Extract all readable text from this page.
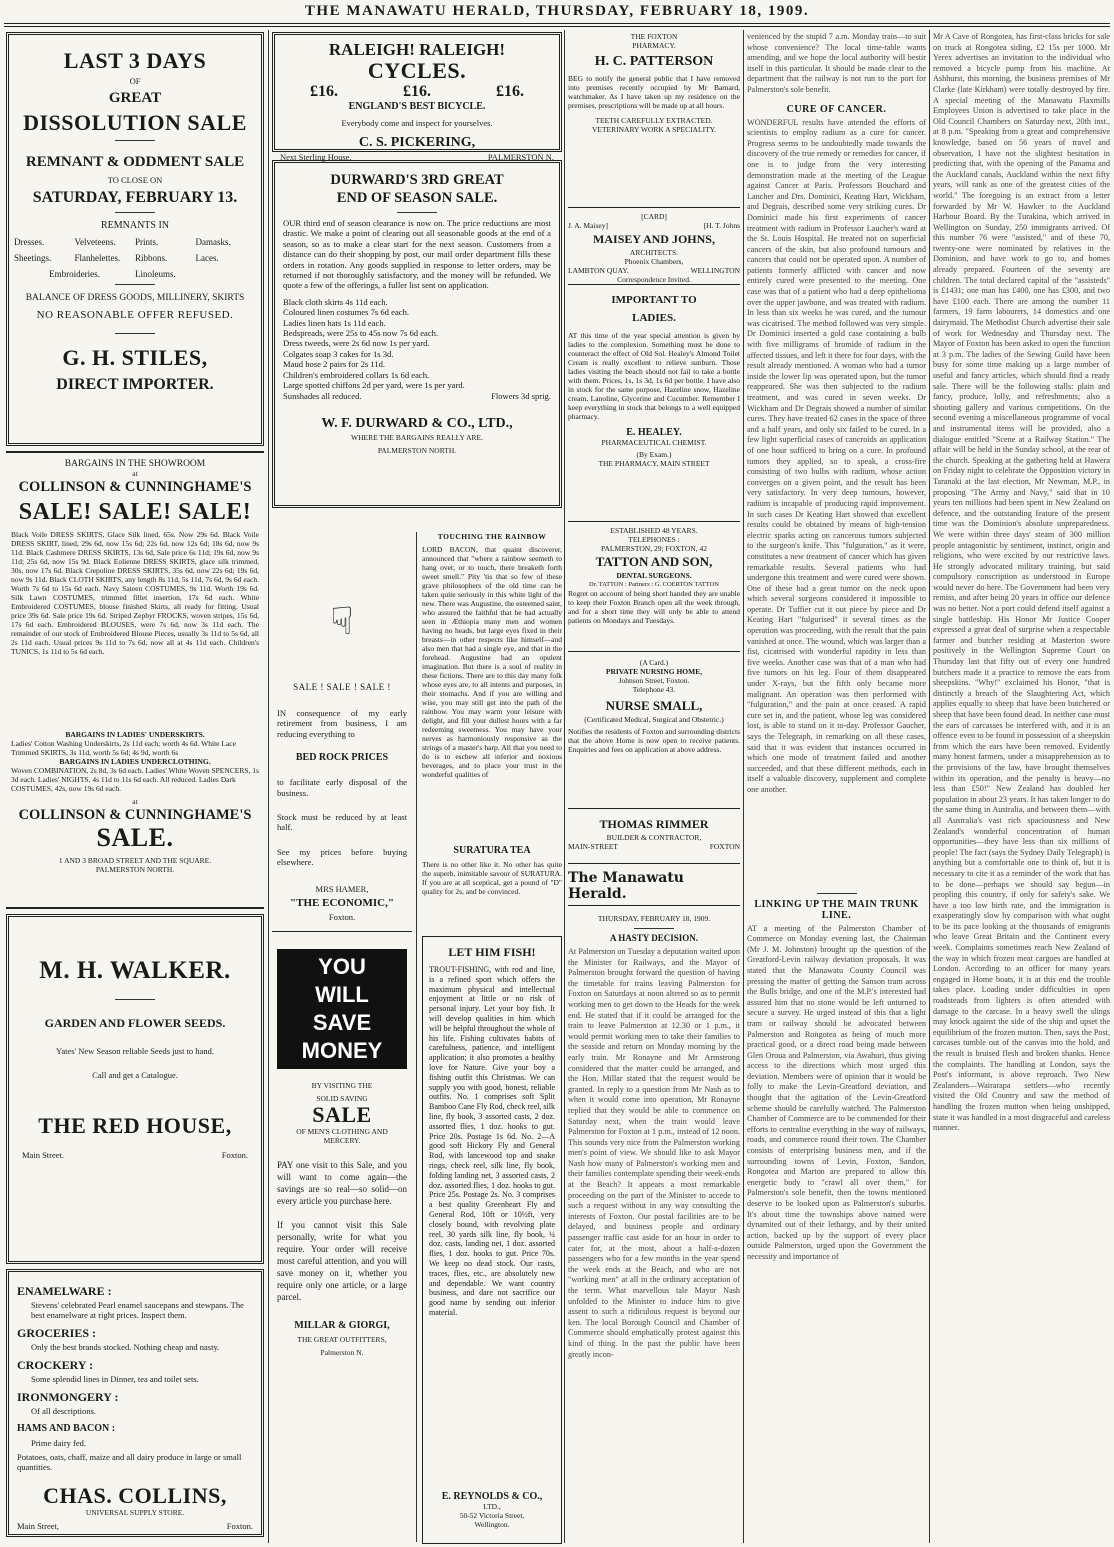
THE MANAWATU HERALD, THURSDAY, FEBRUARY 18, 1909.
LAST 3 DAYS
OF
GREAT
DISSOLUTION SALE
REMNANT & ODDMENT SALE
TO CLOSE ON
SATURDAY, FEBRUARY 13.
REMNANTS IN
Dresses.	Velveteens.	Prints.	Damasks.
Sheetings.	Flanhelettes.	Ribbons.	Laces.
Embroideries.	Linoleums.
BALANCE OF DRESS GOODS, MILLINERY, SKIRTS
NO REASONABLE OFFER REFUSED.
G. H. STILES,
DIRECT IMPORTER.
BARGAINS IN THE SHOWROOM
at
COLLINSON & CUNNINGHAME'S
SALE! SALE! SALE!
Black Voile DRESS SKIRTS, Glace Silk lined, 65s. Now 29s 6d. Black Voile DRESS SKIRT, lined, 29s 6d, now 15s 6d; 22s 6d, now 12s 6d; 18s 6d, now 9s 11d. Black Cashmere DRESS SKIRTS, 13s 6d, Sale price 6s 11d; 19s 6d, now 9s 11d; 25s 6d, now 15s 9d. Black Eolienne DRESS SKIRTS, glace silk trimmed, 30s, now 17s 6d. Black Crepoline DRESS SKIRTS, 35s 6d, now 22s 6d; 19s 6d, now 9s 11d. Black CLOTH SKIRTS, any length 8s 11d, 5s 11d, 7s 6d, 9s 6d each. Worth 7s 6d to 15s 6d each. Navy Sateen COSTUMES, 9s 11d. Worth 19s 6d. Silk Lawn COSTUMES, trimmed fillet insertion, 17s 6d each. White Embroidered COSTUMES, blouse finished Skirts, all ready for fitting. Usual price 39s 6d. Sale price 19s 6d. Striped Zephyr FROCKS, woven stripes, 15s 6d, 17s 6d each. Embroidered BLOUSES, were 7s 6d, now 3s 11d each. The remainder of our stock of Embroidered Blouse Pieces, usually 3s 11d to 5s 6d, all 2s 11d each. Usual prices 9s 11d to 7s 6d, now all at 4s 11d each. Children's TUNICS, 1s 11d to 5s 6d each.
BARGAINS IN LADIES' UNDERSKIRTS.
Ladies' Cotton Washing Underskirts, 2s 11d each; worth 4s 6d. White Lace Trimmed SKIRTS, 3s 11d, worth 5s 6d; 4s 9d, worth 6s
BARGAINS IN LADIES UNDERCLOTHING.
Woven COMBINATION, 2s 8d, 3s 6d each. Ladies' White Woven SPENCERS, 1s 3d each. Ladies' NIGHTS, 4s 11d to 11s 6d each. All reduced. Ladies Dark COSTUMES, 42s, now 19s 6d each.
at
COLLINSON & CUNNINGHAME'S
SALE.
1 AND 3 BROAD STREET AND THE SQUARE.
PALMERSTON NORTH.
M. H. WALKER.
GARDEN AND FLOWER SEEDS.
Yates' New Season reliable Seeds just to hand.
Call and get a Catalogue.
THE RED HOUSE,
Main Street.	Foxton.
ENAMELWARE :
Stevens' celebrated Pearl enamel saucepans and stewpans. The best enamelware at right prices. Inspect them.
GROCERIES :
Only the best brands stocked. Nothing cheap and nasty.
CROCKERY :
Some splendid lines in Dinner, tea and toilet sets.
IRONMONGERY :
Of all descriptions.
HAMS AND BACON :
Prime dairy fed.
Potatoes, oats, chaff, maize and all dairy produce in large or small quantities.
CHAS. COLLINS,
UNIVERSAL SUPPLY STORE.
Main Street,	Foxton.
RALEIGH! RALEIGH!
CYCLES.
£16.	£16.	£16.
ENGLAND'S BEST BICYCLE.
Everybody come and inspect for yourselves.
C. S. PICKERING,
Next Sterling House,	PALMERSTON N.
DURWARD'S 3RD GREAT
END OF SEASON SALE.
OUR third end of season clearance is now on. The price reductions are most drastic. We make a point of clearing out all seasonable goods at the end of a season, so as to make a clear start for the next season. Customers from a distance can do their shopping by post, our mail order department fills these orders in rotation. Any goods supplied in response to letter orders, may be returned if not thoroughly satisfactory, and the money will be refunded. We quote a few of the offerings, a fuller list sent on application.
Black cloth skirts 4s 11d each.
Coloured linen costumes 7s 6d each.
Ladies linen hats 1s 11d each.
Bedspreads, were 25s to 45s now 7s 6d each.
Dress tweeds, were 2s 6d now 1s per yard.
Colgates soap 3 cakes for 1s 3d.
Maud hose 2 pairs for 2s 11d.
Children's embroidered collars 1s 6d each.
Large spotted chiffons 2d per yard, were 1s per yard.
Sunshades all reduced.	Flowers 3d sprig.
W. F. DURWARD & CO., LTD.,
WHERE THE BARGAINS REALLY ARE.
PALMERSTON NORTH.
☟
SALE ! SALE ! SALE !
IN consequence of my early retirement from business, I am reducing everything to
BED ROCK PRICES
to facilitate early disposal of the business.
Stock must be reduced by at least half.
See my prices before buying elsewhere.
MRS HAMER,
"THE ECONOMIC,"
Foxton.
YOU
WILL
SAVE
MONEY
BY VISITING THE
SOLID SAVING
SALE
OF MEN'S CLOTHING AND
MERCERY.
PAY one visit to this Sale, and you will want to come again—the savings are so real—so solid—on every article you purchase here.
If you cannot visit this Sale personally, write for what you require. Your order will receive most careful attention, and you will save money on it, whether you require only one article, or a large parcel.
MILLAR & GIORGI,
THE GREAT OUTFITTERS,
Palmerston N.
TOUCHING THE RAINBOW
LORD BACON, that quaint discoverer, announced that "where a rainbow seemeth to hang over, or to touch, there breaketh forth sweet smell." Pity 'tis that so few of these grave philosophers of the old time can be taken quite seriously in this white light of the new. There was Augustine, the esteemed saint, who assured the faithful that he had actually seen in Æthiopia many men and women having no heads, but large eyes fixed in their breasts—in other respects like himself—and also men that had a single eye, and that in the forehead. Augustine had an opulent imagination. But there is a soul of reality in these fictions. There are to this day many folk whose eyes are, to all intents and purposes, in their stomachs. And if you are willing and wise, you may still get into the path of the rainbow. You may warm your leisure with delight, and fill your dullest hours with a far redeeming sweetness. You may have your nerves as harmoniously responsive as the strings of a master's harp. All that you need to do is to eschew all inferior and noxious beverages, and to place your trust in the wonderful qualities of
SURATURA TEA
There is no other like it. No other has quite the superb, inimitable savour of SURATURA. If you are at all sceptical, get a pound of "D" quality for 2s, and be convinced.
LET HIM FISH!
TROUT-FISHING, with rod and line, is a refined sport which offers the maximum physical and intellectual enjoyment at little or no risk of personal injury. Let your boy fish. It will develop qualities in him which will be helpful throughout the whole of his life. Fishing cultivates habits of carefulness, patience, and intelligent application; it also promotes a healthy love for Nature. Give your boy a fishing outfit this Christmas. We can supply you with good, honest, reliable outfits. No. 1 comprises soft Split Bamboo Cane Fly Rod, check reel, silk line, fly book, 3 assorted casts, 2 doz. assorted flies, 1 doz. hooks to gut. Price 20s. Postage 1s 6d. No. 2—A good soft Hickory Fly and General Rod, with lancewood top and snake rings, check reel, silk line, fly book, folding landing net, 3 assorted casts, 2 doz. assorted flies, 1 doz. hooks to gut. Price 25s. Postage 2s. No. 3 comprises a best quality Greenheart Fly and General Rod, 10ft or 10½ft, very closely bound, with revolving plate reel, 30 yards silk line, fly book, ¼ doz. casts, landing net, 1 doz. assorted flies, 1 doz. hooks to gut. Price 70s. We keep no dead stock. Our casts, traces, flies, etc., are absolutely new and dependable. We want country business, and dare not sacrifice our good name by sending out inferior material.
E. REYNOLDS & CO.,
LTD.,
50-52 Victoria Street,
Wellington.
THE FOXTON
PHARMACY.
H. C. PATTERSON
BEG to notify the general public that I have removed into premises recently occupied by Mr Barnard, watchmaker. As I have taken up my residence on the premises, prescriptions will be made up at all hours.
TEETH CAREFULLY EXTRACTED.
VETERINARY WORK A SPECIALITY.
[CARD]
J. A. Maisey]	[H. T. Johns
MAISEY AND JOHNS,
ARCHITECTS.
Phoenix Chambers,
LAMBTON QUAY.	WELLINGTON
Correspondence Invited.
IMPORTANT TO
LADIES.
AT this time of the year special attention is given by ladies to the complexion. Something must be done to counteract the effect of Old Sol. Healey's Almond Toilet Cream is really excellent to relieve sunburn. Those ladies visiting the beach should not fail to take a bottle with them. Prices, 1s, 1s 3d, 1s 6d per bottle. I have also in stock for the same purpose, Hazeline snow, Hazeline cream, Lanoline, Glycerine and Cucumber. Remember I keep everything in stock that belongs to a well equipped pharmacy.
E. HEALEY.
PHARMACEUTICAL CHEMIST.
(By Exam.)
THE PHARMACY, MAIN STREET
ESTABLISHED 48 YEARS.
TELEPHONES :
PALMERSTON, 29; FOXTON, 42
TATTON AND SON,
DENTAL SURGEONS.
Dr. TATTON : Partners : G. COERTON TATTON
Regret on account of being short handed they are unable to keep their Foxton Branch open all the week through, and for a short time they will only be able to attend patients on Mondays and Tuesdays.
(A Card.)
PRIVATE NURSING HOME,
Johnson Street, Foxton.
Telephone 43.
NURSE SMALL,
(Certificated Medical, Surgical and Obstetric.)
Notifies the residents of Foxton and surrounding districts that the above Home is now open to receive patients. Enquiries and fees on application at above address.
THOMAS RIMMER
BUILDER & CONTRACTOR,
MAIN-STREET	FOXTON
The Manawatu Herald.
THURSDAY, FEBRUARY 18, 1909.
A HASTY DECISION.
At Palmerston on Tuesday a deputation waited upon the Minister for Railways, and the Mayor of Palmerston brought forward the question of having the timetable for trains leaving Palmerston for Foxton on Saturdays at noon altered so as to permit working men to get down to the Heads for the week end. He stated that if it could be arranged for the train to leave Palmerston at 12.30 or 1 p.m., it would permit working men to take their families to the seaside and return on Monday morning by the early train. Mr Ronayne and Mr Armstrong considered that the matter could be arranged, and the Hon. Millar stated that the request would be granted. In reply to a question from Mr Nash as to when it would come into operation, Mr Ronayne replied that they would be able to commence on Saturday next, when the train would leave Palmerston for Foxton at 1 p.m., instead of 12 noon. This sounds very nice from the Palmerston working men's point of view. We should like to ask Mayor Nash how many of Palmerston's working men and their families contemplate spending their week-ends at the Beach? It appears a most remarkable proceeding on the part of the Minister to accede to such a request without in any way consulting the interests of Foxton. Our postal facilities are to be delayed, and business people and ordinary passenger traffic cast aside for an hour in order to cater for, at the most, about a half-a-dozen passengers who for a few months in the year spend the week ends at the Beach, and who are not "working men" at all in the ordinary acceptation of the term. What marvellous tale Mayor Nash unfolded to the Minister to induce him to give assent to such a ridiculous request is beyond our ken. The local Borough Council and Chamber of Commerce should emphatically protest against this kind of thing. In the past the public have been greatly incon-
venienced by the stupid 7 a.m. Monday train—to suit whose convenience? The local time-table wants amending, and we hope the local authority will bestir itself in this particular. It should be made clear to the department that the railway is not run to the port for Palmerston's sole benefit.
CURE OF CANCER.
WONDERFUL results have attended the efforts of scientists to employ radium as a cure for cancer. Progress seems to be undoubtedly made towards the discovery of the true remedy or remedies for cancer, if one is to judge from the very interesting demonstration made at the meeting of the League against Cancer at Paris. Professors Bouchard and Lancher and Drs. Dominici, Keating Hart, Wickham, and Degrais, described some very striking cures. Dr Dominici made his first experiments of cancer treatment with radium in Professor Laucher's ward at the St. Louis Hospital. He treated not on superficial cancers of the skin, but also profound tumours and cancers that could not be operated upon. A number of patients formerly afflicted with cancer and now entirely cured were presented to the meeting. One case was that of a patient who had a deep epithelioma over the upper jawbone, and was treated with radium. In less than six weeks he was cured, and the tumour was cicatrised. The method followed was very simple. Dr Dominici inserted a gold case containing a bulb with five milligrams of bromide of radium in the affected tissues, and left it there for four days, with the result already mentioned. A woman who had a tumor inside the lower lip was operated upon, but the tumor reappeared. She was then subjected to the radium treatment, and was cured in seven weeks. Dr Wickham and Dr Degrais showed a number of similar cures. They have treated 62 cases in the space of three and a half years, and only six failed to be cured. In a few light superficial cases of cancroids an application of one hour sufficed to bring on a cure. In profound tumors they applied, so to speak, a cross-fire consisting of two bulbs with radium, whose action converges on a given point, and the result has been very satisfactory. In very deep tumours, however, radium is incapable of producing rapid improvement. In such cases Dr Keating Hart showed that excellent results could be obtained by means of high-tension electric sparks acting on cancerous tumors subjected to the surgeon's knife. This "fulguration," as it were, constitutes a new treatment of cancer which has given remarkable results. Several patients who had undergone this treatment and were cured were shown. One of these had a great tumor on the neck upon which several surgeons considered it impossible to operate. Dr Tuffier cut it out piece by piece and Dr Keating Hart "fulgurised" it several times as the operation was proceeding, with the result that the pain vanished at once. The wound, which was larger than a fist, cicatrised with wonderful rapidity in less than five weeks. Another case was that of a man who had five tumors on his leg. Four of them disappeared under X-rays, but the fifth only became more malignant. An operation was then performed with "fulguration," and the pain at once ceased. A rapid cure set in, and the patient, whose leg was considered lost, is able to stand on it to-day. Professor Gaucher, says the Telegraph, in remarking on all these cases, said that it was evident that instances occurred in which one mode of treatment failed and another succeeded, and that these different methods, each in itself a valuable discovery, supplement and complete one another.
LINKING UP THE MAIN TRUNK LINE.
AT a meeting of the Palmerston Chamber of Commerce on Monday evening last, the Chairman (Mr J. M. Johnston) brought up the question of the Greatford-Levin railway deviation proposals. It was stated that the Manawatu County Council was pressing the matter of getting the Sanson tram across the Bulls bridge, and one of the M.P.'s interested had assured him that no stone would be left unturned to secure a survey. He urged instead of this that a light tram or railway should be advocated between Palmerston and Rongotea as being of much more practical good, or a direct road being made between Glen Oroua and Palmerston, via Awahuri, thus giving access to the directions which most urged this deviation. Members were of opinion that it would be folly to make the Levin-Greatford deviation, and thought that the agitation of the Levin-Greatford scheme should be carefully watched. The Palmerston Chamber of Commerce are to be commended for their efforts to centralise everything in the way of railways, roads, and commerce round their town. The Chamber consists of enterprising business men, and if the surrounding towns of Levin, Foxton, Sandon, Rongotea and Marton are prepared to allow this energetic body to "crawl all over them," for Palmerston's sole benefit, then the towns mentioned deserve to be looked upon as Palmerston's suburbs. It's about time the townships above named were dynamited out of their lethargy, and by their united action, backed up by the support of every place outside Palmerston, urged upon the Government the necessity and importance of
Mr A Cave of Rongotea, has first-class bricks for sale on truck at Rongotea siding, £2 15s per 1000. Mr Yerex advertises an invitation to the individual who removed a bicycle pump from his machine. At Ashhurst, this morning, the business premises of Mr Clarke (late Kirkham) were totally destroyed by fire. A special meeting of the Manawatu Flaxmills Employees Union is advertised to take place in the Old Council Chambers on Saturday next, 20th inst., at 8 p.m. "Speaking from a great and comprehensive knowledge, based on 56 years of travel and observation, I have not the slightest hesitation in predicting that, with the opening of the Panama and the Auckland canals, Auckland within the next fifty years, will rank as one of the greatest cities of the world." The foregoing is an extract from a letter forwarded by Mr W. Hawker to the Auckland Harbour Board. By the Turakina, which arrived in Wellington on Sunday, 250 immigrants arrived. Of this number 76 were "assisted," and of these 70, twenty-one were nominated by relatives in the Dominion, and have work to go to, and homes already prepared. Fourteen of the seventy are children. The total declared capital of the "assisteds" is £1431; one man has £400, one has £300, and two have £100 each. There are among the number 11 farmers, 19 farm labourers, 14 domestics and one dairymaid. The Methodist Church advertise their sale of work for Wednesday and Thursday next. The Mayor of Foxton has been asked to open the function at 3 p.m. The ladies of the Sewing Guild have been busy for some time making up a large number of useful and fancy articles, which should find a ready sale. There will be the following stalls: plain and fancy, produce, lolly, and refreshments; also a shooting gallery and various competitions. On the second evening a miscellaneous programme of vocal and instrumental items will be provided, also a dialogue entitled "Scene at a Railway Station." The affair will be held in the Sunday school, at the rear of the church. Speaking at the gathering held at Hawera on Friday night to celebrate the Opposition victory in Taranaki at the last election, Mr Newman, M.P., in proposing "The Army and Navy," said that in 10 years ten millions had been spent in New Zealand on defence, and the outstanding feature of the present time was the Dominion's absolute unpreparedness. We were within three days' steam of 300 million people antagonistic by sentiment, instinct, origin and religions, who were excited by our restrictive laws. He strongly advocated military training, but said compulsory conscription as understood in Europe would never do here. The Government had been very remiss, and after being 20 years in office our defence was no better. Not a port could defend itself against a single battleship. His Honor Mr Justice Cooper expressed a great deal of surprise when a respectable farmer and butcher residing at Masterton swore positively in the Wellington Supreme Court on Thursday last that fifty out of every one hundred butchers made it a practice to remove the ears from sheepskins. "Why!" exclaimed his Honor, "that is distinctly a breach of the Slaughtering Act, which applies equally to sheep that have been butchered or sheep that have been found dead. In neither case must the ears of carcasses be interfered with, and it is an offence even to be found in possession of a sheepskin from which the ears have been removed. Evidently many honest farmers, under a misapprehension as to the provisions of the law, have brought themselves within its operation, and the penalty is heavy—no less than £50!" New Zealand has doubled her population in about 23 years. It has taken longer to do the same thing in Australia, and between them—with all Australia's vast rich spaciousness and New Zealand's wonderful concentration of human opportunities—they have less than six millions of people! The fact (says the Sydney Daily Telegraph) is anything but a comfortable one to think of, but it is necessary to cite it as a reminder of the work that has to be done—perhaps we should say begun—in peopling this country, if only for safety's sake. We have a too low birth rate, and the immigration is exasperatingly slow by comparison with what ought to be its pace looking at the thousands of emigrants who leave Great Britain and the Continent every week. Complaints sometimes reach New Zealand of the way in which frozen meat cargoes are handled at London. According to an officer for many years engaged in Home boats, it is at this end the trouble takes place. Loading under difficulties in open roadsteads from lighters is often attended with damage to the carcase. In a heavy swell the slings may knock against the side of the ship and upset the equilibrium of the frozen mutton. Then, says the Post, carcases tumble out of the canvas into the hold, and the result is bruised flesh and broken shanks. Hence the complaints. The handling at London, says the Post's informant, is above reproach. Two New Zealanders—Wairarapa settlers—who recently visited the Old Country and saw the method of handling the frozen mutton when being unshipped, state it was handled in a most disgraceful and careless manner.
